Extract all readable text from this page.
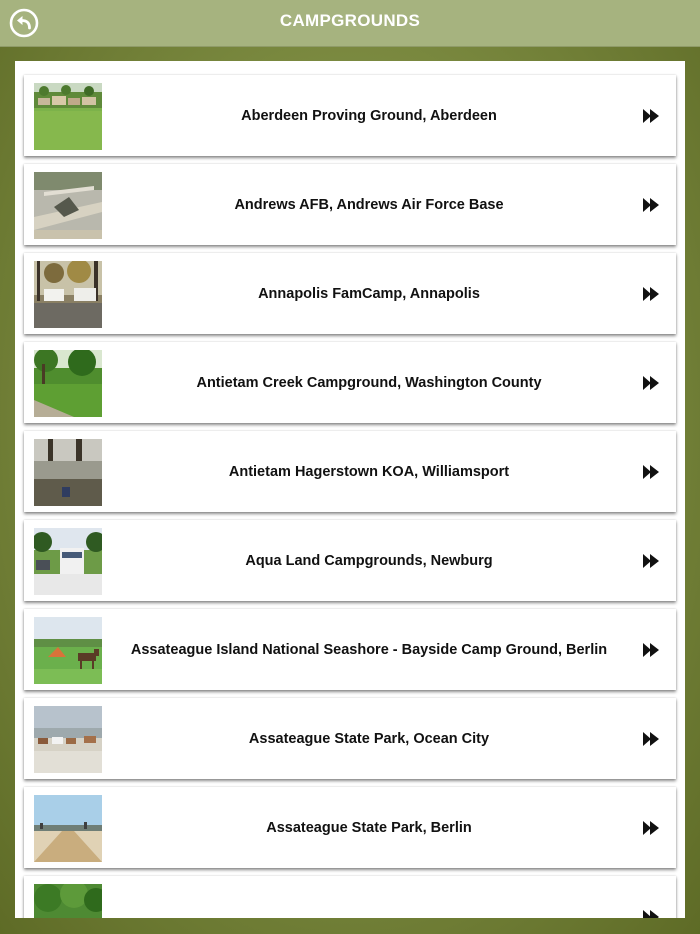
CAMPGROUNDS
Aberdeen Proving Ground, Aberdeen
Andrews AFB, Andrews Air Force Base
Annapolis FamCamp, Annapolis
Antietam Creek Campground, Washington County
Antietam Hagerstown KOA, Williamsport
Aqua Land Campgrounds, Newburg
Assateague Island National Seashore - Bayside Camp Ground, Berlin
Assateague State Park, Ocean City
Assateague State Park, Berlin
